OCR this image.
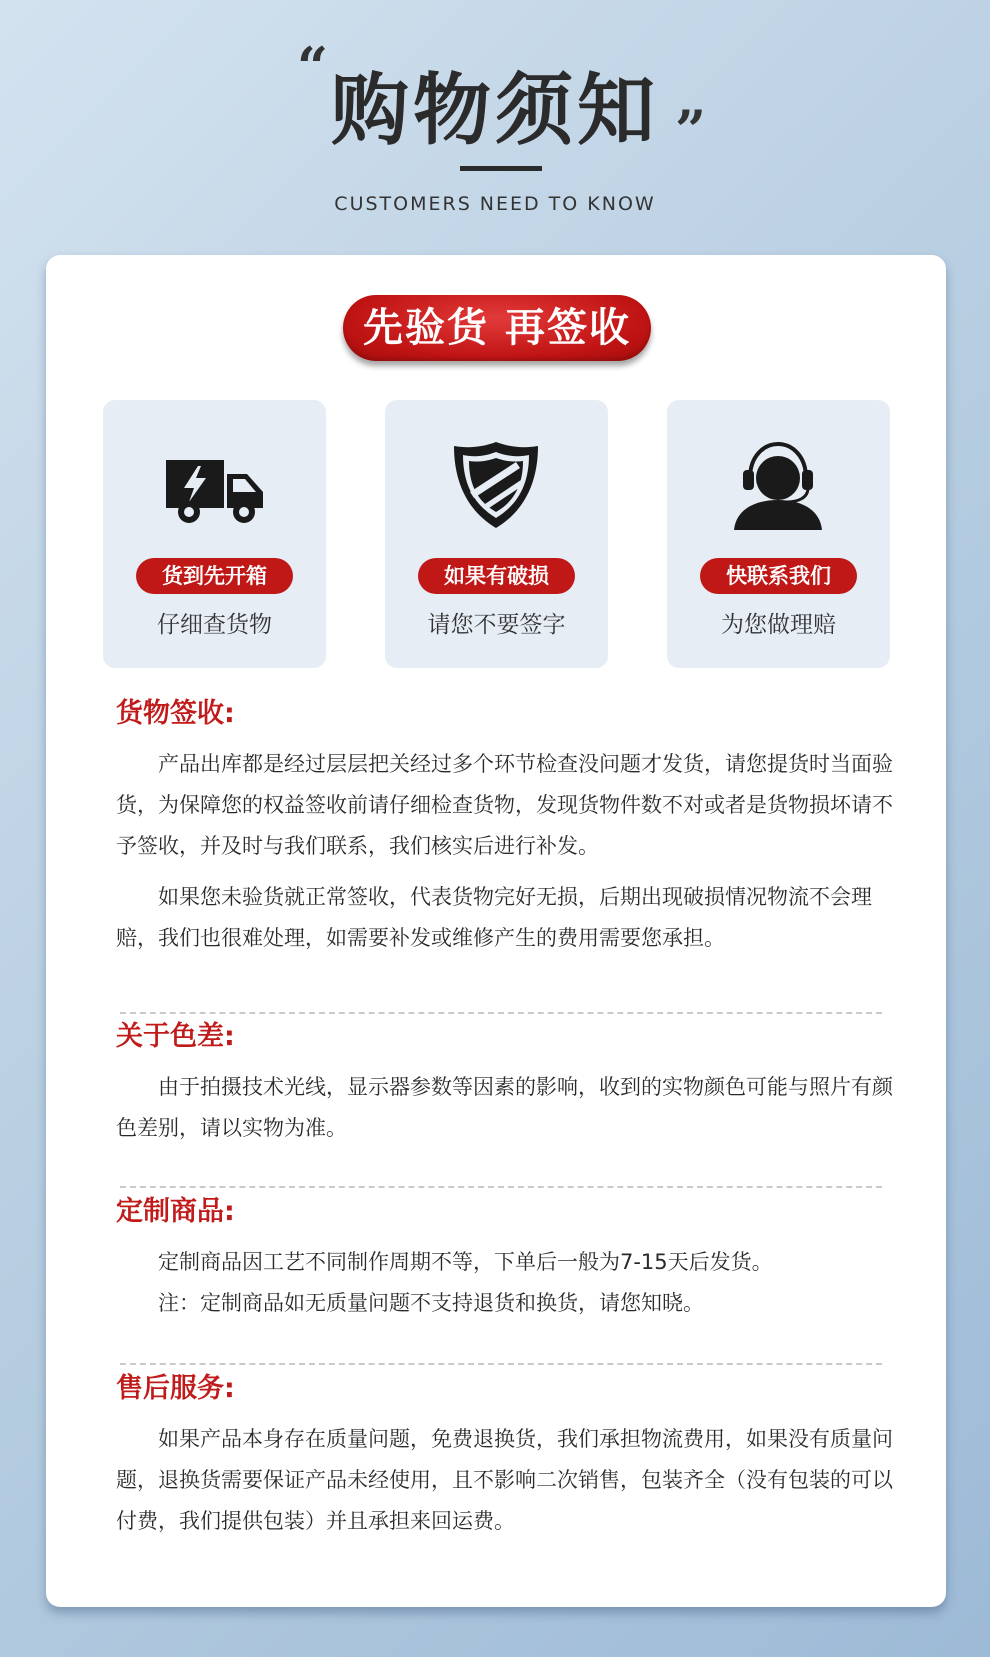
“ 购物须知 ”
CUSTOMERS NEED TO KNOW
先验货 再签收
货到先开箱
仔细查货物
如果有破损
请您不要签字
快联系我们
为您做理赔
货物签收:

产品出库都是经过层层把关经过多个环节检查没问题才发货，请您提货时当面验货，为保障您的权益签收前请仔细检查货物，发现货物件数不对或者是货物损坏请不予签收，并及时与我们联系，我们核实后进行补发。

如果您未验货就正常签收，代表货物完好无损，后期出现破损情况物流不会理赔，我们也很难处理，如需要补发或维修产生的费用需要您承担。

关于色差:

由于拍摄技术光线，显示器参数等因素的影响，收到的实物颜色可能与照片有颜色差别，请以实物为准。

定制商品:

定制商品因工艺不同制作周期不等，下单后一般为7-15天后发货。

注：定制商品如无质量问题不支持退货和换货，请您知晓。

售后服务:

如果产品本身存在质量问题，免费退换货，我们承担物流费用，如果没有质量问题，退换货需要保证产品未经使用，且不影响二次销售，包装齐全（没有包装的可以付费，我们提供包装）并且承担来回运费。
